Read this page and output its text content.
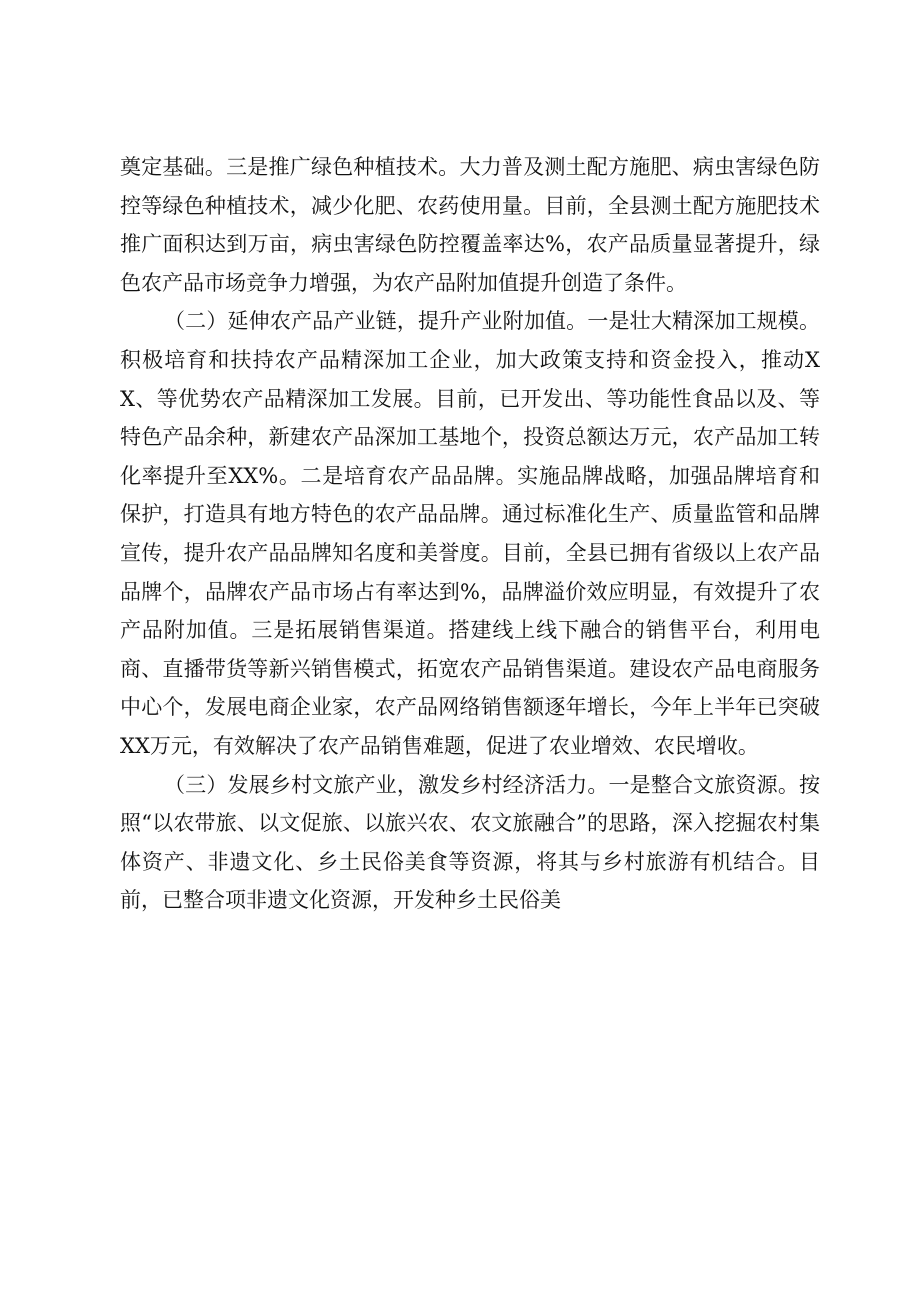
奠定基础。三是推广绿色种植技术。大力普及测土配方施肥、病虫害绿色防控等绿色种植技术，减少化肥、农药使用量。目前，全县测土配方施肥技术推广面积达到万亩，病虫害绿色防控覆盖率达%，农产品质量显著提升，绿色农产品市场竞争力增强，为农产品附加值提升创造了条件。

（二）延伸农产品产业链，提升产业附加值。一是壮大精深加工规模。积极培育和扶持农产品精深加工企业，加大政策支持和资金投入，推动XX、等优势农产品精深加工发展。目前，已开发出、等功能性食品以及、等特色产品余种，新建农产品深加工基地个，投资总额达万元，农产品加工转化率提升至XX%。二是培育农产品品牌。实施品牌战略，加强品牌培育和保护，打造具有地方特色的农产品品牌。通过标准化生产、质量监管和品牌宣传，提升农产品品牌知名度和美誉度。目前，全县已拥有省级以上农产品品牌个，品牌农产品市场占有率达到%，品牌溢价效应明显，有效提升了农产品附加值。三是拓展销售渠道。搭建线上线下融合的销售平台，利用电商、直播带货等新兴销售模式，拓宽农产品销售渠道。建设农产品电商服务中心个，发展电商企业家，农产品网络销售额逐年增长，今年上半年已突破XX万元，有效解决了农产品销售难题，促进了农业增效、农民增收。

（三）发展乡村文旅产业，激发乡村经济活力。一是整合文旅资源。按照“以农带旅、以文促旅、以旅兴农、农文旅融合”的思路，深入挖掘农村集体资产、非遗文化、乡土民俗美食等资源，将其与乡村旅游有机结合。目前，已整合项非遗文化资源，开发种乡土民俗美
